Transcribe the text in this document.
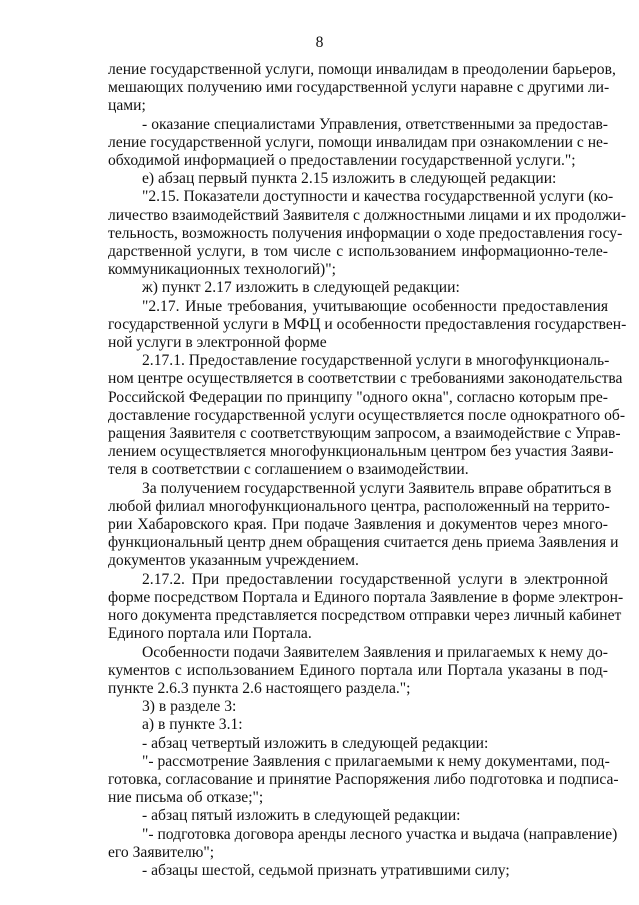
8
ление государственной услуги, помощи инвалидам в преодолении барьеров,
мешающих получению ими государственной услуги наравне с другими ли-
цами;
- оказание специалистами Управления, ответственными за предостав-
ление государственной услуги, помощи инвалидам при ознакомлении с не-
обходимой информацией о предоставлении государственной услуги.";
е) абзац первый пункта 2.15 изложить в следующей редакции:
"2.15. Показатели доступности и качества государственной услуги (ко-
личество взаимодействий Заявителя с должностными лицами и их продолжи-
тельность, возможность получения информации о ходе предоставления госу-
дарственной услуги, в том числе с использованием информационно-теле-
коммуникационных технологий)";
ж) пункт 2.17 изложить в следующей редакции:
"2.17. Иные требования, учитывающие особенности предоставления
государственной услуги в МФЦ и особенности предоставления государствен-
ной услуги в электронной форме
2.17.1. Предоставление государственной услуги в многофункциональ-
ном центре осуществляется в соответствии с требованиями законодательства
Российской Федерации по принципу "одного окна", согласно которым пре-
доставление государственной услуги осуществляется после однократного об-
ращения Заявителя с соответствующим запросом, а взаимодействие с Управ-
лением осуществляется многофункциональным центром без участия Заяви-
теля в соответствии с соглашением о взаимодействии.
За получением государственной услуги Заявитель вправе обратиться в
любой филиал многофункционального центра, расположенный на террито-
рии Хабаровского края. При подаче Заявления и документов через много-
функциональный центр днем обращения считается день приема Заявления и
документов указанным учреждением.
2.17.2. При предоставлении государственной услуги в электронной
форме посредством Портала и Единого портала Заявление в форме электрон-
ного документа представляется посредством отправки через личный кабинет
Единого портала или Портала.
Особенности подачи Заявителем Заявления и прилагаемых к нему до-
кументов с использованием Единого портала или Портала указаны в под-
пункте 2.6.3 пункта 2.6 настоящего раздела.";
3) в разделе 3:
а) в пункте 3.1:
- абзац четвертый изложить в следующей редакции:
"- рассмотрение Заявления с прилагаемыми к нему документами, под-
готовка, согласование и принятие Распоряжения либо подготовка и подписа-
ние письма об отказе;";
- абзац пятый изложить в следующей редакции:
"- подготовка договора аренды лесного участка и выдача (направление)
его Заявителю";
- абзацы шестой, седьмой признать утратившими силу;
